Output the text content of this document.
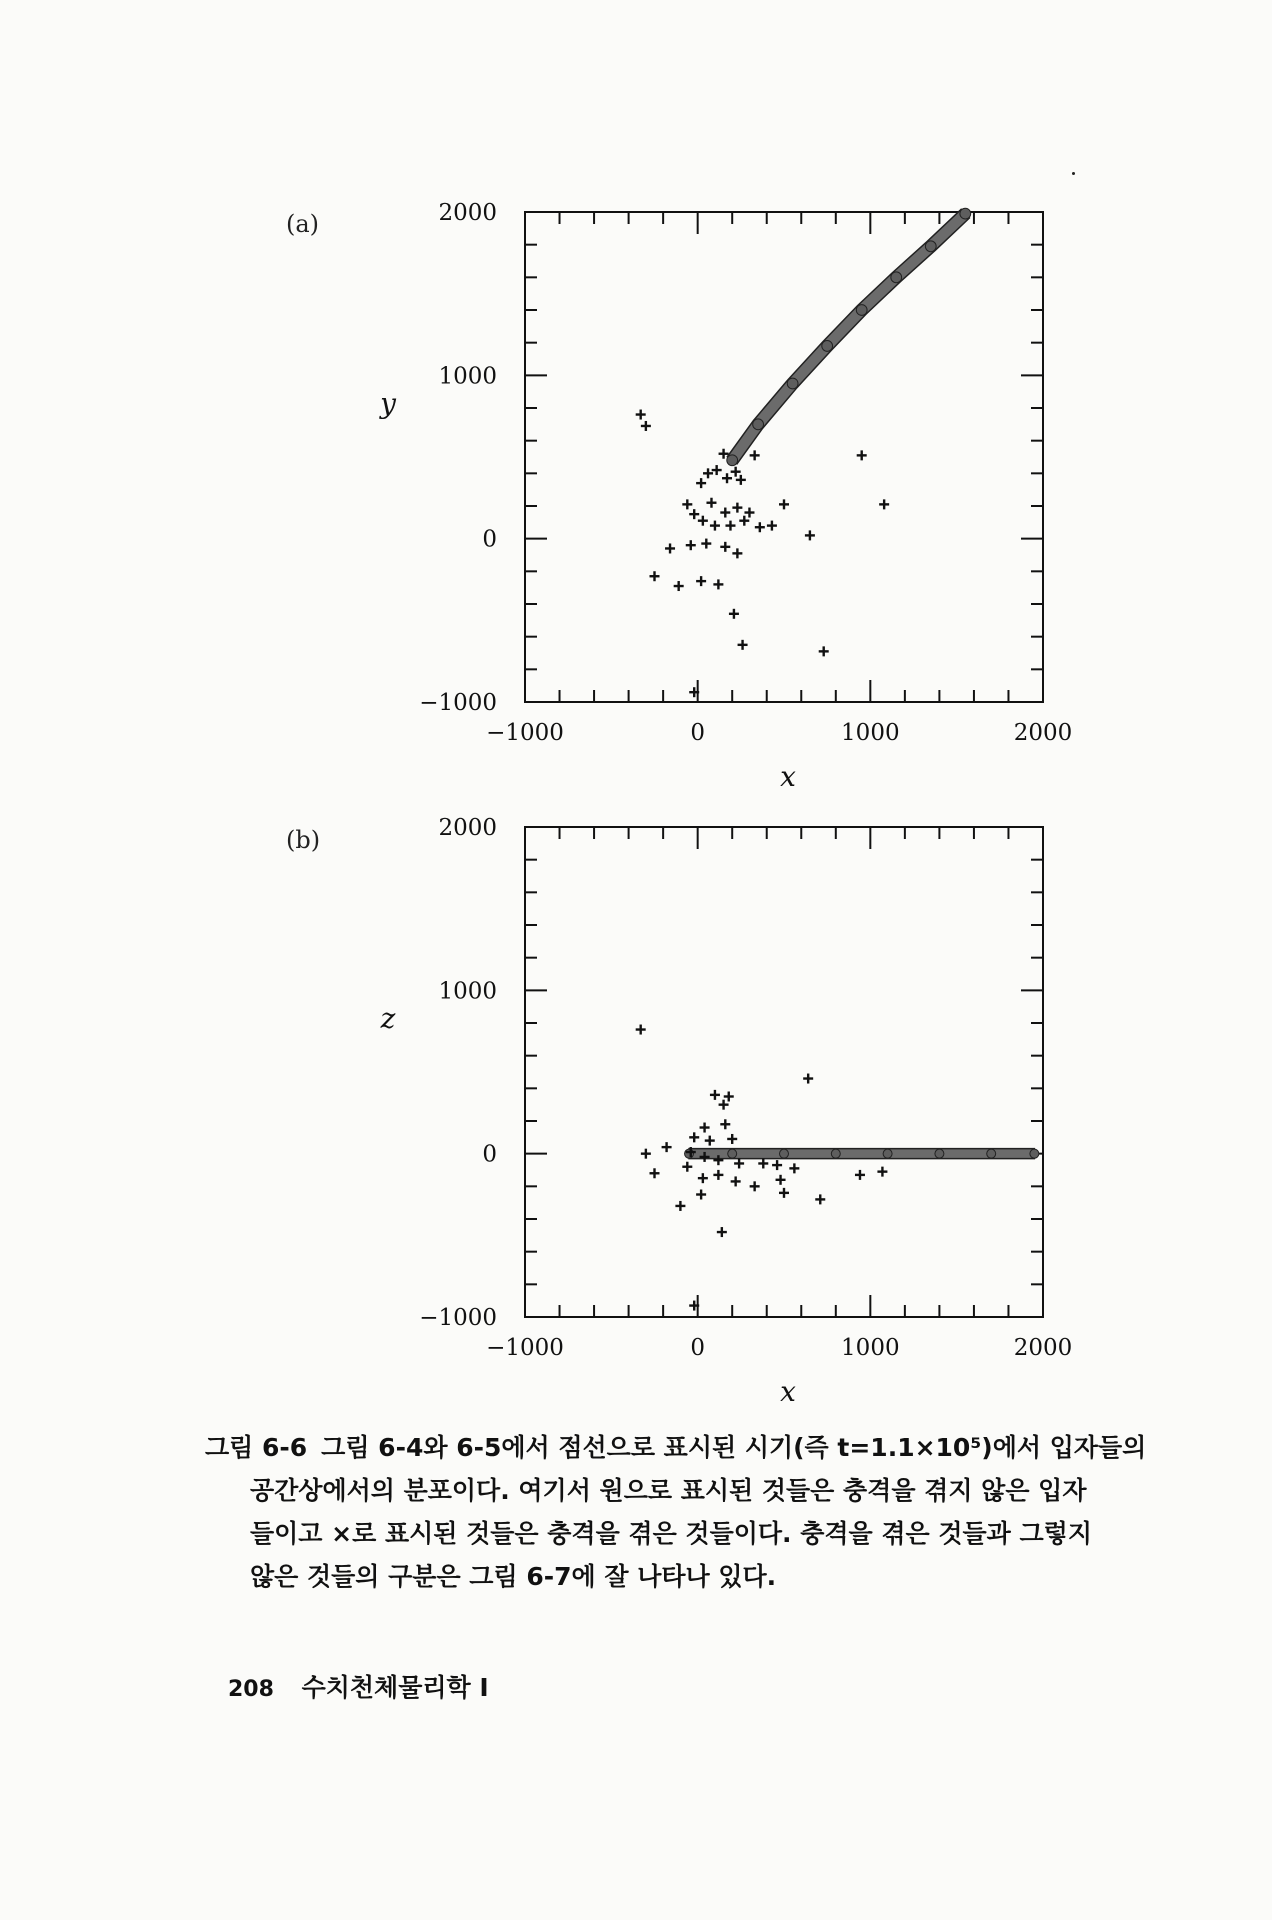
(a)
(b)
−1000	0	1000	2000
2000
1000
0
−1000
x
y
−1000	0	1000	2000
2000
1000
0
−1000
x
z
그림 6-6 그림 6-4와 6-5에서 점선으로 표시된 시기(즉 t=1.1×10⁵)에서 입자들의
공간상에서의 분포이다. 여기서 원으로 표시된 것들은 충격을 겪지 않은 입자
들이고 ×로 표시된 것들은 충격을 겪은 것들이다. 충격을 겪은 것들과 그렇지
않은 것들의 구분은 그림 6-7에 잘 나타나 있다.
208 수치천체물리학 Ⅰ
